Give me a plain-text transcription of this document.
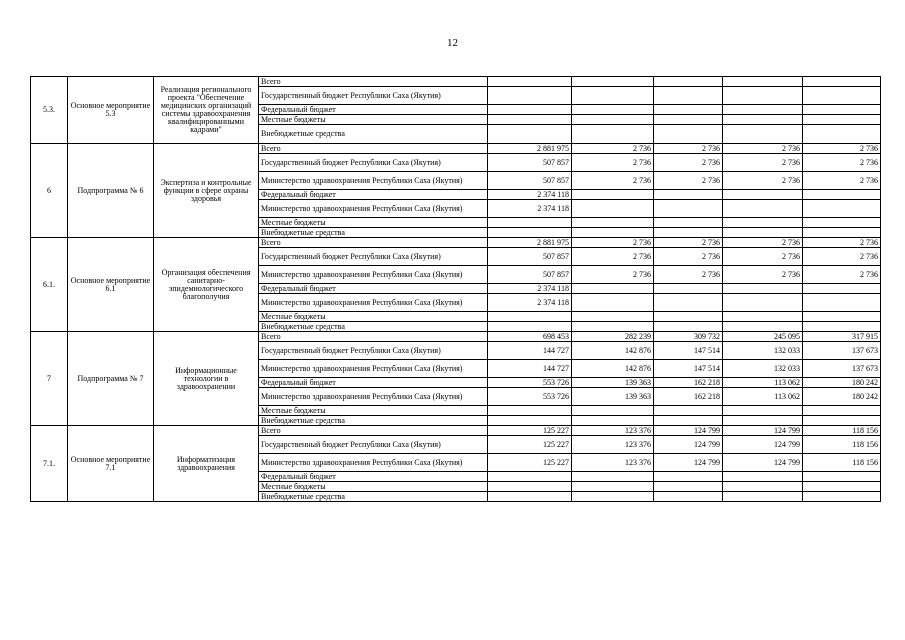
12
5.3.	Основное мероприятие 5.3	Реализация регионального проекта "Обеспечение медицинских организаций системы здравоохранения квалифицированными кадрами"	Всего					
			Государственный бюджет Республики Саха (Якутия)					
			Федеральный бюджет					
			Местные бюджеты					
			Внебюджетные средства					
6	Подпрограмма № 6	Экспертиза и контрольные функции в сфере охраны здоровья	Всего	2 881 975	2 736	2 736	2 736	2 736
			Государственный бюджет Республики Саха (Якутия)	507 857	2 736	2 736	2 736	2 736
			Министерство здравоохранения Республики Саха (Якутия)	507 857	2 736	2 736	2 736	2 736
			Федеральный бюджет	2 374 118				
			Министерство здравоохранения Республики Саха (Якутия)	2 374 118				
			Местные бюджеты					
			Внебюджетные средства					
6.1.	Основное мероприятие 6.1	Организация обеспечения санитарно-эпидемиологического благополучия	Всего	2 881 975	2 736	2 736	2 736	2 736
			Государственный бюджет Республики Саха (Якутия)	507 857	2 736	2 736	2 736	2 736
			Министерство здравоохранения Республики Саха (Якутия)	507 857	2 736	2 736	2 736	2 736
			Федеральный бюджет	2 374 118				
			Министерство здравоохранения Республики Саха (Якутия)	2 374 118				
			Местные бюджеты					
			Внебюджетные средства					
7	Подпрограмма № 7	Информационные технологии в здравоохранении	Всего	698 453	282 239	309 732	245 095	317 915
			Государственный бюджет Республики Саха (Якутия)	144 727	142 876	147 514	132 033	137 673
			Министерство здравоохранения Республики Саха (Якутия)	144 727	142 876	147 514	132 033	137 673
			Федеральный бюджет	553 726	139 363	162 218	113 062	180 242
			Министерство здравоохранения Республики Саха (Якутия)	553 726	139 363	162 218	113 062	180 242
			Местные бюджеты					
			Внебюджетные средства					
7.1.	Основное мероприятие 7.1	Информатизация здравоохранения	Всего	125 227	123 376	124 799	124 799	118 156
			Государственный бюджет Республики Саха (Якутия)	125 227	123 376	124 799	124 799	118 156
			Министерство здравоохранения Республики Саха (Якутия)	125 227	123 376	124 799	124 799	118 156
			Федеральный бюджет					
			Местные бюджеты					
			Внебюджетные средства					
